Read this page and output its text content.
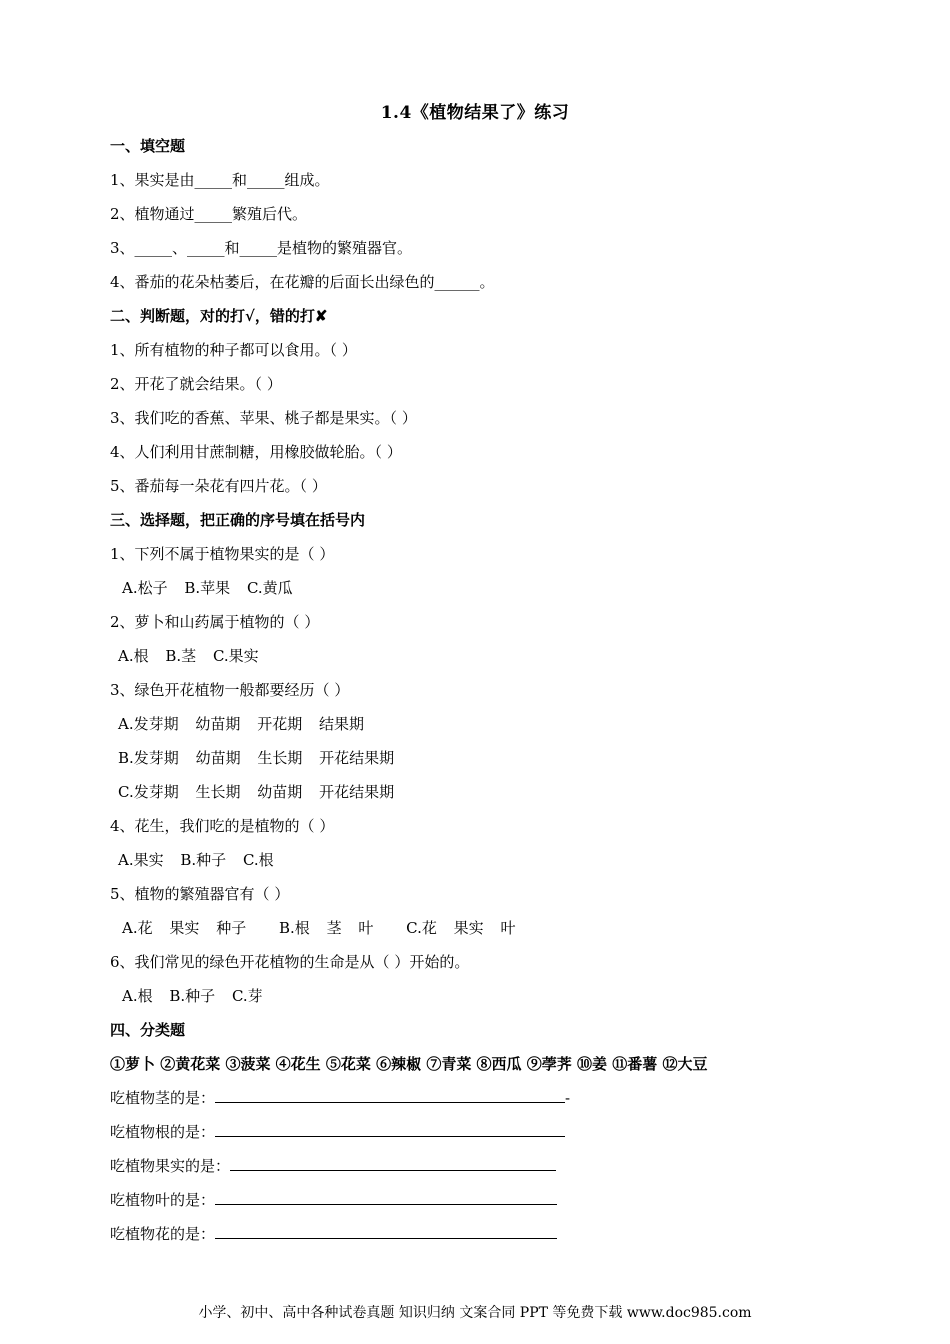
1.4《植物结果了》练习
一、填空题
1、果实是由_____和_____组成。
2、植物通过_____繁殖后代。
3、_____、_____和_____是植物的繁殖器官。
4、番茄的花朵枯萎后，在花瓣的后面长出绿色的______。
二、判断题，对的打√，错的打✘
1、所有植物的种子都可以食用。（ ）
2、开花了就会结果。（ ）
3、我们吃的香蕉、苹果、桃子都是果实。（ ）
4、人们利用甘蔗制糖，用橡胶做轮胎。（ ）
5、番茄每一朵花有四片花。（ ）
三、选择题，把正确的序号填在括号内
1、下列不属于植物果实的是（ ）
A.松子 B.苹果 C.黄瓜
2、萝卜和山药属于植物的（ ）
A.根 B.茎 C.果实
3、绿色开花植物一般都要经历（ ）
A.发芽期 幼苗期 开花期 结果期
B.发芽期 幼苗期 生长期 开花结果期
C.发芽期 生长期 幼苗期 开花结果期
4、花生，我们吃的是植物的（ ）
A.果实 B.种子 C.根
5、植物的繁殖器官有（ ）
A.花 果实 种子 B.根 茎 叶 C.花 果实 叶
6、我们常见的绿色开花植物的生命是从（ ）开始的。
A.根 B.种子 C.芽
四、分类题
①萝卜 ②黄花菜 ③菠菜 ④花生 ⑤花菜 ⑥辣椒 ⑦青菜 ⑧西瓜 ⑨荸荠 ⑩姜 ⑪番薯 ⑫大豆
吃植物茎的是：	-
吃植物根的是：
吃植物果实的是：
吃植物叶的是：
吃植物花的是：
小学、初中、高中各种试卷真题 知识归纳 文案合同 PPT 等免费下载 www.doc985.com
